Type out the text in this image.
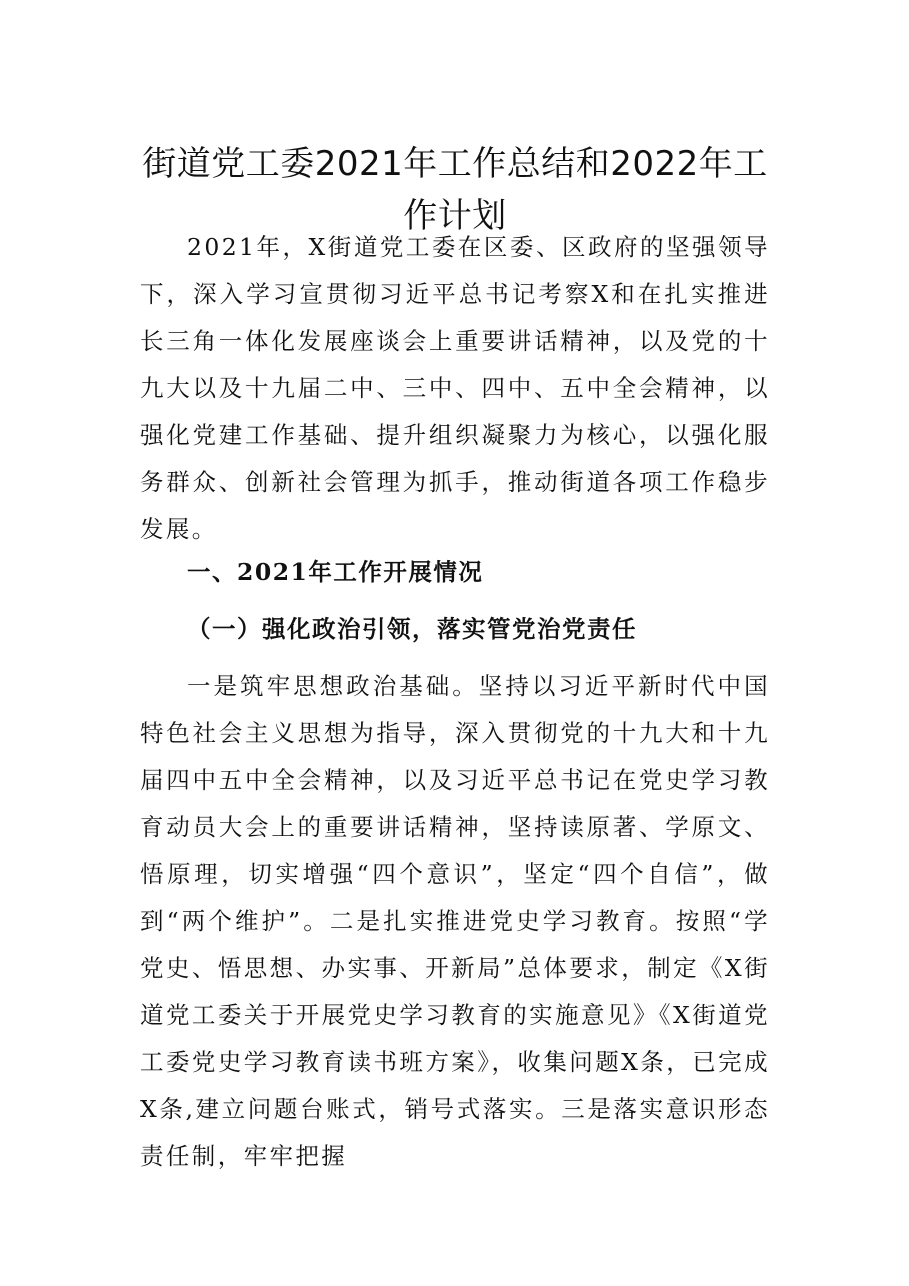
街道党工委2021年工作总结和2022年工作计划
2021年，X街道党工委在区委、区政府的坚强领导下，深入学习宣贯彻习近平总书记考察X和在扎实推进长三角一体化发展座谈会上重要讲话精神，以及党的十九大以及十九届二中、三中、四中、五中全会精神，以强化党建工作基础、提升组织凝聚力为核心，以强化服务群众、创新社会管理为抓手，推动街道各项工作稳步发展。
一、2021年工作开展情况
（一）强化政治引领，落实管党治党责任
一是筑牢思想政治基础。坚持以习近平新时代中国特色社会主义思想为指导，深入贯彻党的十九大和十九届四中五中全会精神，以及习近平总书记在党史学习教育动员大会上的重要讲话精神，坚持读原著、学原文、悟原理，切实增强“四个意识”，坚定“四个自信”，做到“两个维护”。二是扎实推进党史学习教育。按照“学党史、悟思想、办实事、开新局”总体要求，制定《X街道党工委关于开展党史学习教育的实施意见》《X街道党工委党史学习教育读书班方案》，收集问题X条，已完成X条,建立问题台账式，销号式落实。三是落实意识形态责任制，牢牢把握
